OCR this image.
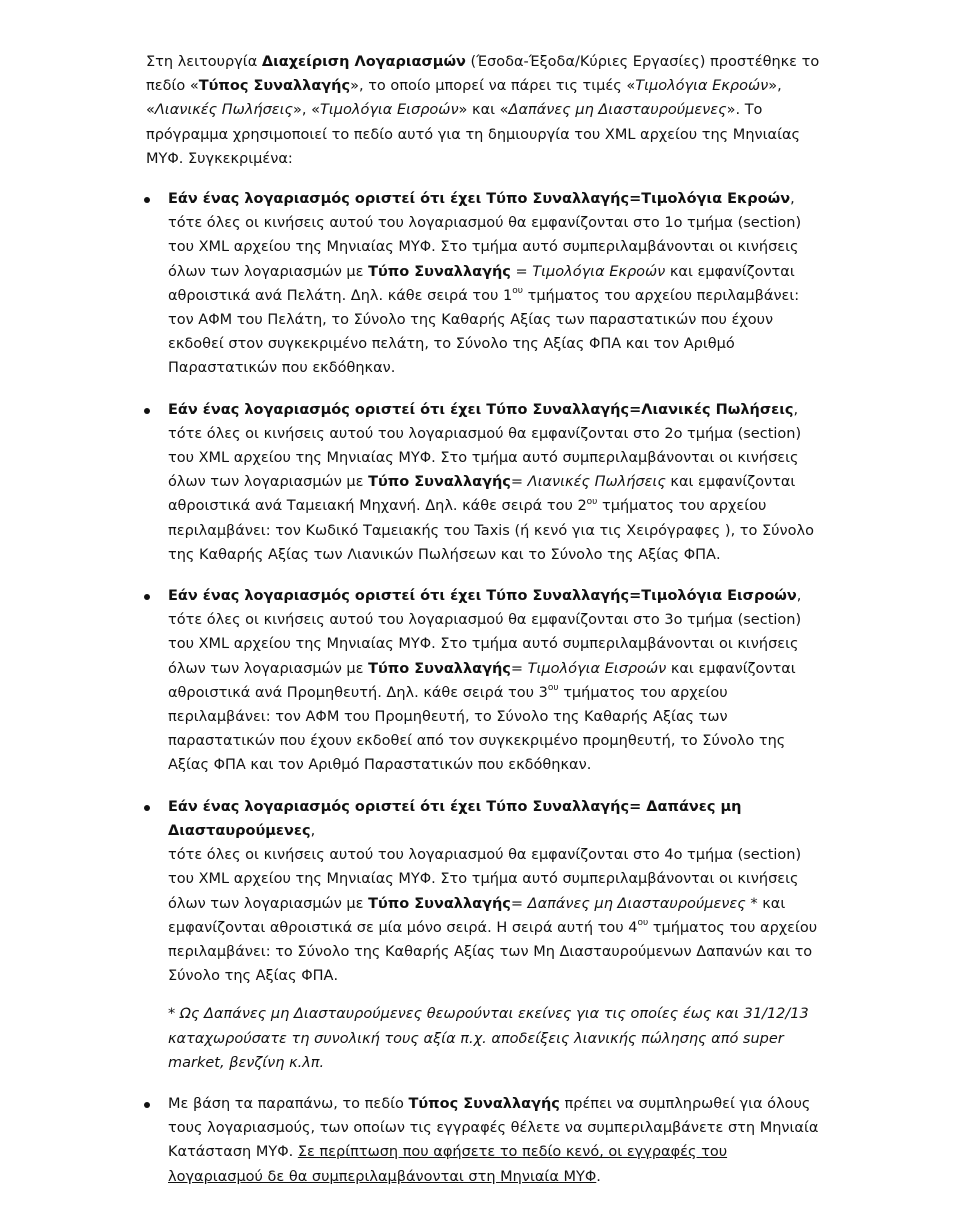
Στη λειτουργία Διαχείριση Λογαριασμών (Έσοδα-Έξοδα/Κύριες Εργασίες) προστέθηκε το πεδίο «Τύπος Συναλλαγής», το οποίο μπορεί να πάρει τις τιμές «Τιμολόγια Εκροών», «Λιανικές Πωλήσεις», «Τιμολόγια Εισροών» και «Δαπάνες μη Διασταυρούμενες». Το πρόγραμμα χρησιμοποιεί το πεδίο αυτό για τη δημιουργία του XML αρχείου της Μηνιαίας ΜΥΦ. Συγκεκριμένα:

Εάν ένας λογαριασμός οριστεί ότι έχει Τύπο Συναλλαγής=Τιμολόγια Εκροών,
τότε όλες οι κινήσεις αυτού του λογαριασμού θα εμφανίζονται στο 1ο τμήμα (section) του XML αρχείου της Μηνιαίας ΜΥΦ. Στο τμήμα αυτό συμπεριλαμβάνονται οι κινήσεις όλων των λογαριασμών με Τύπο Συναλλαγής = Τιμολόγια Εκροών και εμφανίζονται αθροιστικά ανά Πελάτη. Δηλ. κάθε σειρά του $1^{o\upsilon}$ τμήματος του αρχείου περιλαμβάνει: τον ΑΦΜ του Πελάτη, το Σύνολο της Καθαρής Αξίας των παραστατικών που έχουν εκδοθεί στον συγκεκριμένο πελάτη, το Σύνολο της Αξίας ΦΠΑ και τον Αριθμό Παραστατικών που εκδόθηκαν.

Εάν ένας λογαριασμός οριστεί ότι έχει Τύπο Συναλλαγής=Λιανικές Πωλήσεις,
τότε όλες οι κινήσεις αυτού του λογαριασμού θα εμφανίζονται στο 2ο τμήμα (section) του XML αρχείου της Μηνιαίας ΜΥΦ. Στο τμήμα αυτό συμπεριλαμβάνονται οι κινήσεις όλων των λογαριασμών με Τύπο Συναλλαγής= Λιανικές Πωλήσεις και εμφανίζονται αθροιστικά ανά Ταμειακή Μηχανή. Δηλ. κάθε σειρά του $2^{o\upsilon}$ τμήματος του αρχείου περιλαμβάνει: τον Κωδικό Ταμειακής του Taxis (ή κενό για τις Χειρόγραφες ), το Σύνολο της Καθαρής Αξίας των Λιανικών Πωλήσεων και το Σύνολο της Αξίας ΦΠΑ.

Εάν ένας λογαριασμός οριστεί ότι έχει Τύπο Συναλλαγής=Τιμολόγια Εισροών,
τότε όλες οι κινήσεις αυτού του λογαριασμού θα εμφανίζονται στο 3ο τμήμα (section) του XML αρχείου της Μηνιαίας ΜΥΦ. Στο τμήμα αυτό συμπεριλαμβάνονται οι κινήσεις όλων των λογαριασμών με Τύπο Συναλλαγής= Τιμολόγια Εισροών και εμφανίζονται αθροιστικά ανά Προμηθευτή. Δηλ. κάθε σειρά του $3^{o\upsilon}$ τμήματος του αρχείου περιλαμβάνει: τον ΑΦΜ του Προμηθευτή, το Σύνολο της Καθαρής Αξίας των παραστατικών που έχουν εκδοθεί από τον συγκεκριμένο προμηθευτή, το Σύνολο της Αξίας ΦΠΑ και τον Αριθμό Παραστατικών που εκδόθηκαν.

Εάν ένας λογαριασμός οριστεί ότι έχει Τύπο Συναλλαγής= Δαπάνες μη Διασταυρούμενες,
τότε όλες οι κινήσεις αυτού του λογαριασμού θα εμφανίζονται στο 4ο τμήμα (section) του XML αρχείου της Μηνιαίας ΜΥΦ. Στο τμήμα αυτό συμπεριλαμβάνονται οι κινήσεις όλων των λογαριασμών με Τύπο Συναλλαγής= Δαπάνες μη Διασταυρούμενες * και εμφανίζονται αθροιστικά σε μία μόνο σειρά. Η σειρά αυτή του $4^{o\upsilon}$ τμήματος του αρχείου περιλαμβάνει: το Σύνολο της Καθαρής Αξίας των Μη Διασταυρούμενων Δαπανών και το Σύνολο της Αξίας ΦΠΑ.

* Ως Δαπάνες μη Διασταυρούμενες θεωρούνται εκείνες για τις οποίες έως και 31/12/13 καταχωρούσατε τη συνολική τους αξία π.χ. αποδείξεις λιανικής πώλησης από super market, βενζίνη κ.λπ.

Με βάση τα παραπάνω, το πεδίο Τύπος Συναλλαγής πρέπει να συμπληρωθεί για όλους τους λογαριασμούς, των οποίων τις εγγραφές θέλετε να συμπεριλαμβάνετε στη Μηνιαία Κατάσταση ΜΥΦ. Σε περίπτωση που αφήσετε το πεδίο κενό, οι εγγραφές του λογαριασμού δε θα συμπεριλαμβάνονται στη Μηνιαία ΜΥΦ.
